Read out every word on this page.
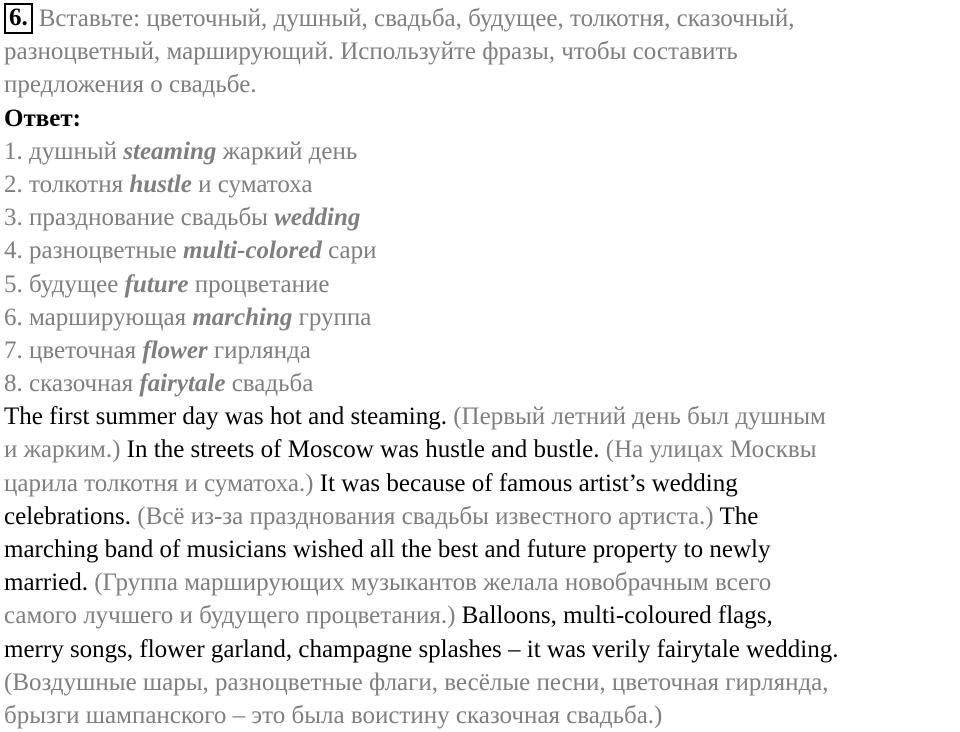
6. Вставьте: цветочный, душный, свадьба, будущее, толкотня, сказочный,
разноцветный, марширующий. Используйте фразы, чтобы составить
предложения о свадьбе.
Ответ:
1. душный steaming жаркий день
2. толкотня hustle и суматоха
3. празднование свадьбы wedding
4. разноцветные multi-colored сари
5. будущее future процветание
6. марширующая marching группа
7. цветочная flower гирлянда
8. сказочная fairytale свадьба
The first summer day was hot and steaming. (Первый летний день был душным
и жарким.) In the streets of Moscow was hustle and bustle. (На улицах Москвы
царила толкотня и суматоха.) It was because of famous artist’s wedding
celebrations. (Всё из-за празднования свадьбы известного артиста.) The
marching band of musicians wished all the best and future property to newly
married. (Группа марширующих музыкантов желала новобрачным всего
самого лучшего и будущего процветания.) Balloons, multi-coloured flags,
merry songs, flower garland, champagne splashes – it was verily fairytale wedding.
(Воздушные шары, разноцветные флаги, весёлые песни, цветочная гирлянда,
брызги шампанского – это была воистину сказочная свадьба.)
